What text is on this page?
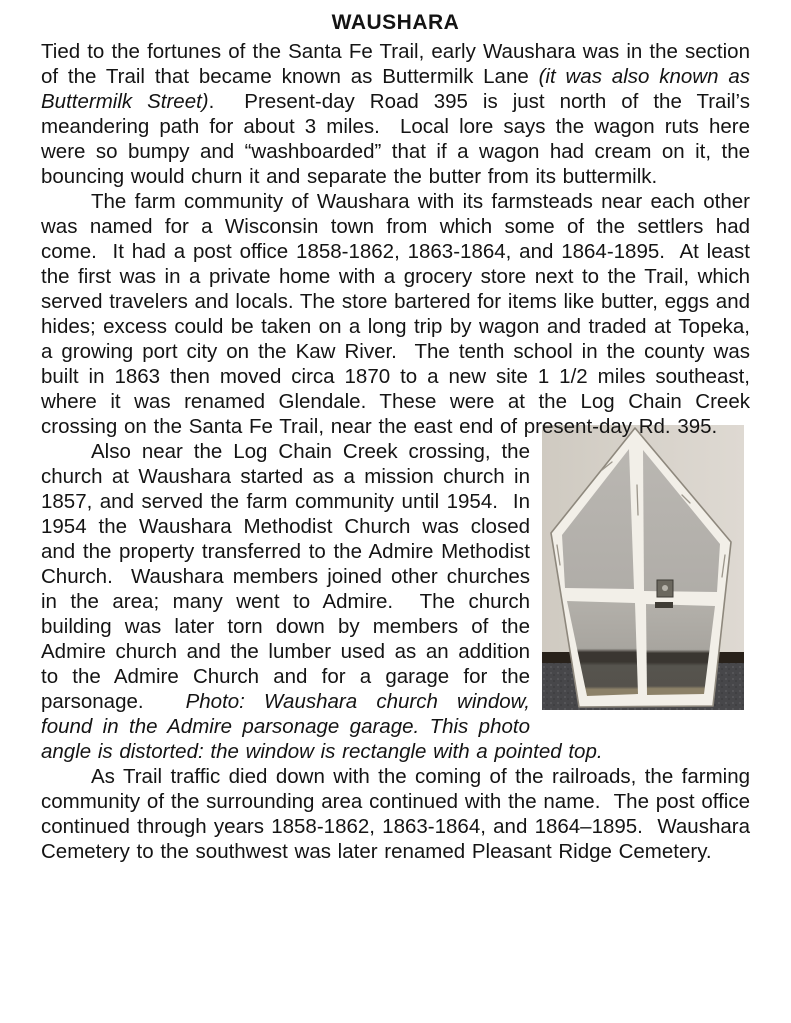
WAUSHARA

Tied to the fortunes of the Santa Fe Trail, early Waushara was in the section of the Trail that became known as Buttermilk Lane (it was also known as Buttermilk Street).  Present-day Road 395 is just north of the Trail’s meandering path for about 3 miles.  Local lore says the wagon ruts here were so bumpy and “washboarded” that if a wagon had cream on it, the bouncing would churn it and separate the butter from its buttermilk.

The farm community of Waushara with its farmsteads near each other was named for a Wisconsin town from which some of the settlers had come.  It had a post office 1858-1862, 1863-1864, and 1864-1895.  At least the first was in a private home with a grocery store next to the Trail, which served travelers and locals. The store bartered for items like butter, eggs and hides; excess could be taken on a long trip by wagon and traded at Topeka, a growing port city on the Kaw River.  The tenth school in the county was built in 1863 then moved circa 1870 to a new site 1 1/2 miles southeast, where it was renamed Glendale. These were at the Log Chain Creek crossing on the Santa Fe Trail, near the east end of present-day Rd. 395.

Also near the Log Chain Creek crossing, the church at Waushara started as a mission church in 1857, and served the farm community until 1954.  In 1954 the Waushara Methodist Church was closed and the property transferred to the Admire Methodist Church.  Waushara members joined other churches in the area; many went to Admire.  The church building was later torn down by members of the Admire church and the lumber used as an addition to the Admire Church and for a garage for the parsonage. Photo: Waushara church window, found in the Admire parsonage garage. This photo angle is distorted: the window is rectangle with a pointed top.

As Trail traffic died down with the coming of the railroads, the farming community of the surrounding area continued with the name.  The post office continued through years 1858-1862, 1863-1864, and 1864–1895.  Waushara Cemetery to the southwest was later renamed Pleasant Ridge Cemetery.
